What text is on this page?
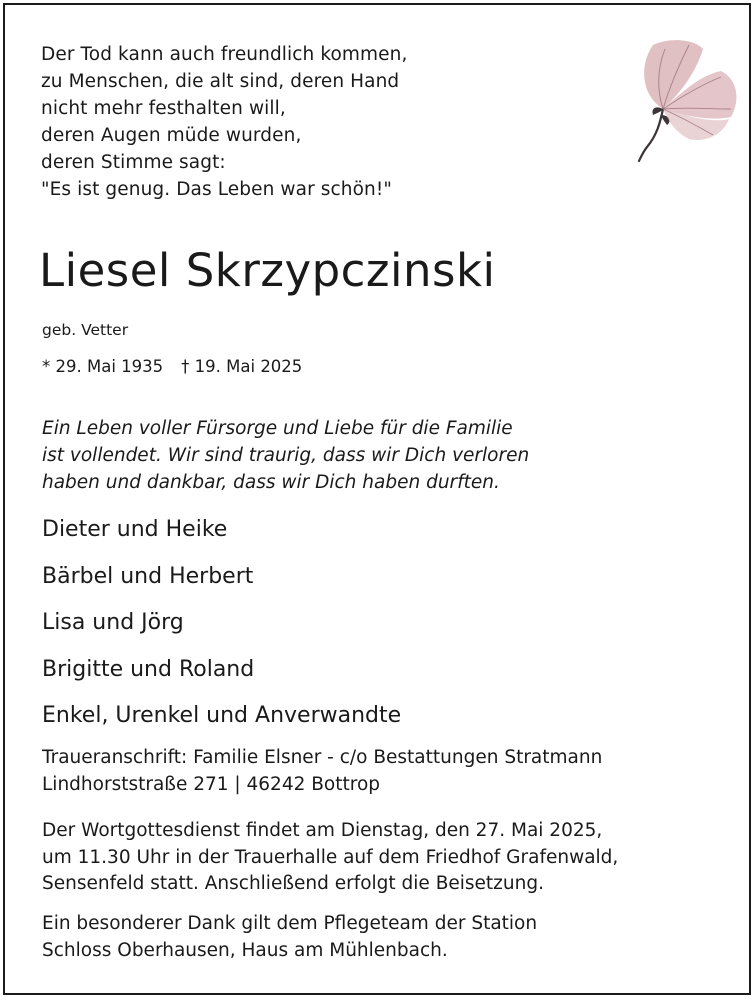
Der Tod kann auch freundlich kommen,
zu Menschen, die alt sind, deren Hand
nicht mehr festhalten will,
deren Augen müde wurden,
deren Stimme sagt:
"Es ist genug. Das Leben war schön!"
Liesel Skrzypczinski
geb. Vetter
* 29. Mai 1935 † 19. Mai 2025
Ein Leben voller Fürsorge und Liebe für die Familie
ist vollendet. Wir sind traurig, dass wir Dich verloren
haben und dankbar, dass wir Dich haben durften.
Dieter und Heike
Bärbel und Herbert
Lisa und Jörg
Brigitte und Roland
Enkel, Urenkel und Anverwandte
Traueranschrift: Familie Elsner - c/o Bestattungen Stratmann
Lindhorststraße 271 | 46242 Bottrop
Der Wortgottesdienst findet am Dienstag, den 27. Mai 2025,
um 11.30 Uhr in der Trauerhalle auf dem Friedhof Grafenwald,
Sensenfeld statt. Anschließend erfolgt die Beisetzung.
Ein besonderer Dank gilt dem Pflegeteam der Station
Schloss Oberhausen, Haus am Mühlenbach.
